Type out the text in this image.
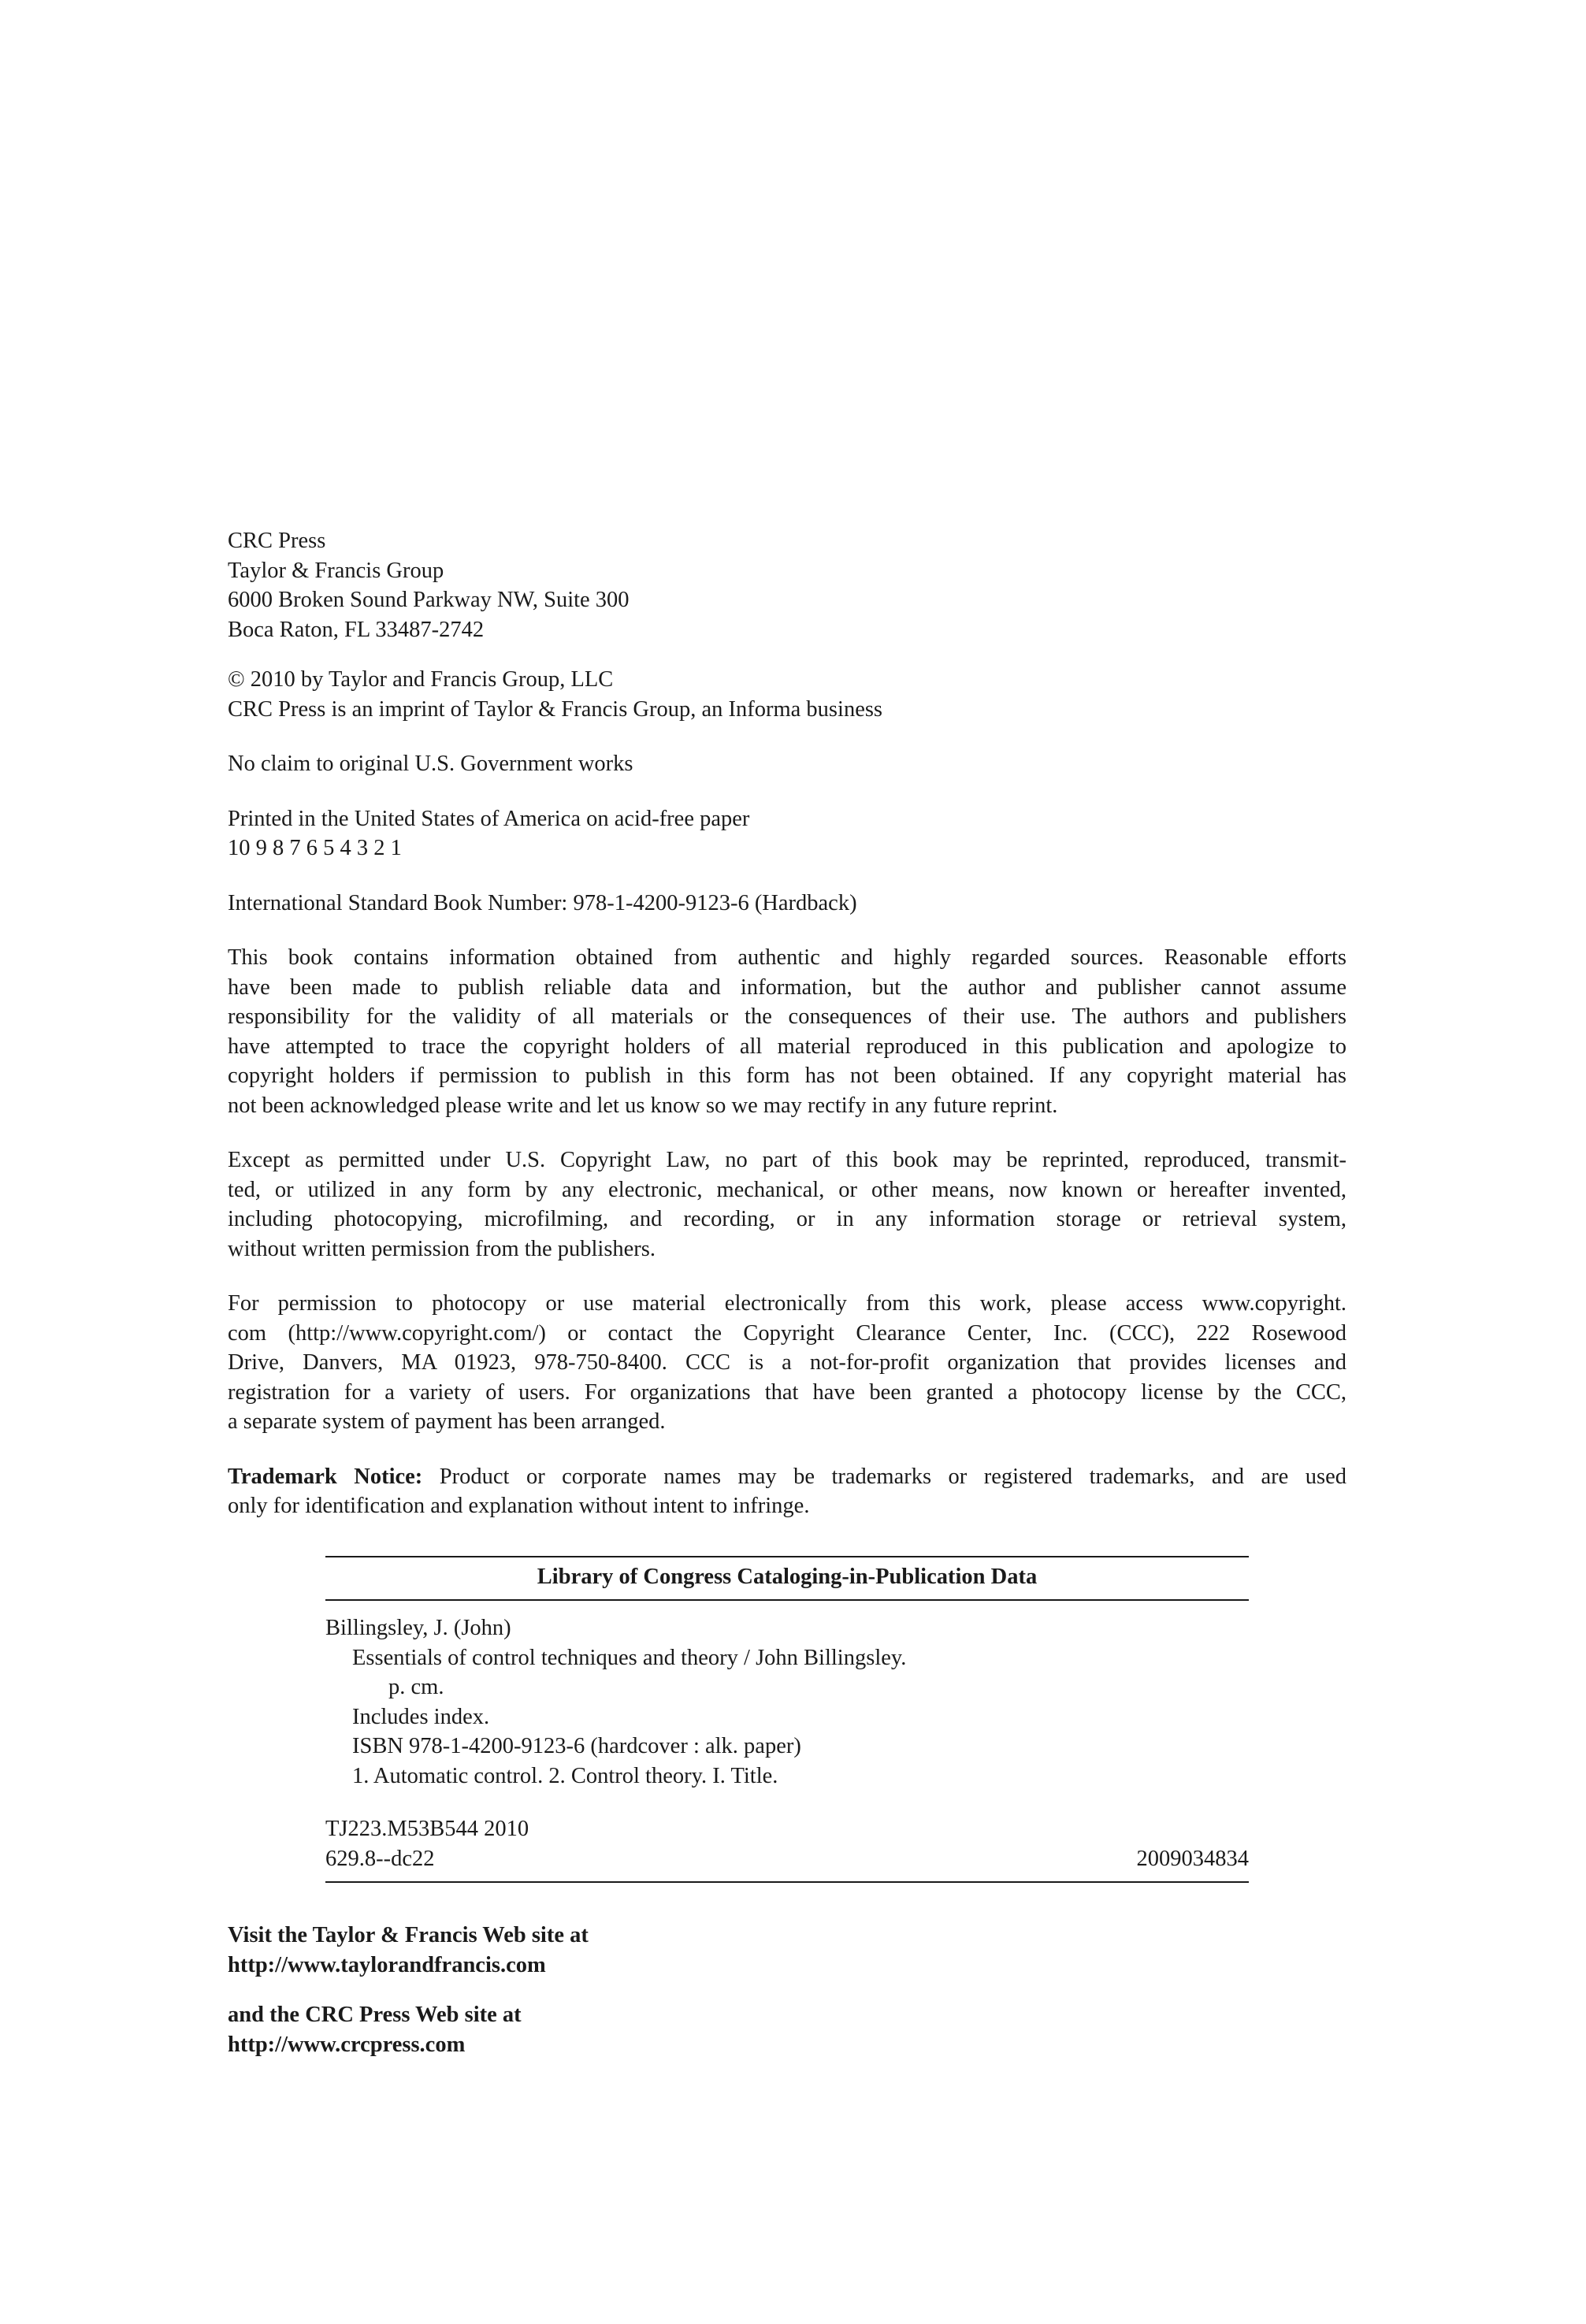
CRC Press
Taylor & Francis Group
6000 Broken Sound Parkway NW, Suite 300
Boca Raton, FL 33487-2742
© 2010 by Taylor and Francis Group, LLC
CRC Press is an imprint of Taylor & Francis Group, an Informa business
No claim to original U.S. Government works
Printed in the United States of America on acid-free paper
10 9 8 7 6 5 4 3 2 1
International Standard Book Number: 978-1-4200-9123-6 (Hardback)
This book contains information obtained from authentic and highly regarded sources. Reasonable efforts
have been made to publish reliable data and information, but the author and publisher cannot assume
responsibility for the validity of all materials or the consequences of their use. The authors and publishers
have attempted to trace the copyright holders of all material reproduced in this publication and apologize to
copyright holders if permission to publish in this form has not been obtained. If any copyright material has
not been acknowledged please write and let us know so we may rectify in any future reprint.
Except as permitted under U.S. Copyright Law, no part of this book may be reprinted, reproduced, transmit-
ted, or utilized in any form by any electronic, mechanical, or other means, now known or hereafter invented,
including photocopying, microfilming, and recording, or in any information storage or retrieval system,
without written permission from the publishers.
For permission to photocopy or use material electronically from this work, please access www.copyright.
com (http://www.copyright.com/) or contact the Copyright Clearance Center, Inc. (CCC), 222 Rosewood
Drive, Danvers, MA 01923, 978-750-8400. CCC is a not-for-profit organization that provides licenses and
registration for a variety of users. For organizations that have been granted a photocopy license by the CCC,
a separate system of payment has been arranged.
Trademark Notice: Product or corporate names may be trademarks or registered trademarks, and are used
only for identification and explanation without intent to infringe.
Library of Congress Cataloging-in-Publication Data
Billingsley, J. (John)
Essentials of control techniques and theory / John Billingsley.
p. cm.
Includes index.
ISBN 978-1-4200-9123-6 (hardcover : alk. paper)
1. Automatic control. 2. Control theory. I. Title.
TJ223.M53B544 2010
629.8--dc22	2009034834
Visit the Taylor & Francis Web site at
http://www.taylorandfrancis.com
and the CRC Press Web site at
http://www.crcpress.com
